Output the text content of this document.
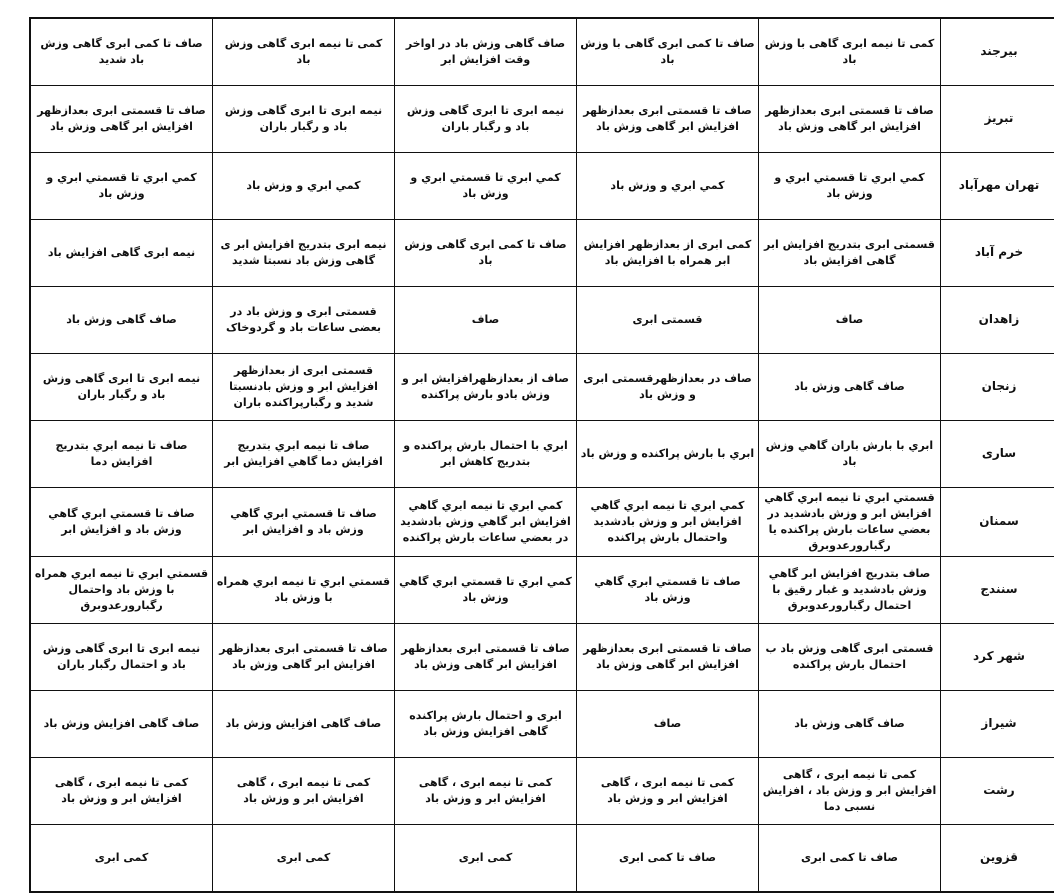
بیرجند	کمی تا نیمه ابری گاهی با وزش باد	صاف تا کمی ابری گاهی با وزش باد	صاف گاهی وزش باد در اواخر وقت افزایش ابر	کمی تا نیمه ابری گاهی وزش باد	صاف تا کمی ابری گاهی وزش باد شدید
تبریز	صاف تا قسمتی ابری بعدازظهر افزایش ابر گاهی وزش باد	صاف تا قسمتی ابری بعدازظهر افزایش ابر گاهی وزش باد	نیمه ابری تا ابری گاهی وزش باد و رگبار باران	نیمه ابری تا ابری گاهی وزش باد و رگبار باران	صاف تا قسمتی ابری بعدازظهر افزایش ابر گاهی وزش باد
تهران مهرآباد	کمي ابري تا قسمتي ابري و وزش باد	کمي ابري و وزش باد	کمي ابري تا قسمتي ابري و وزش باد	کمي ابري و وزش باد	کمي ابري تا قسمتي ابري و وزش باد
خرم آباد	قسمتی ابری بتدریج افزایش ابر گاهی افزایش باد	کمی ابری از بعدازظهر افزایش ابر همراه با افزایش باد	صاف تا کمی ابری گاهی وزش باد	نیمه ابری بتدریج افزایش ابر ی گاهی وزش باد نسبتا شدید	نیمه ابری گاهی افزایش باد
زاهدان	صاف	قسمتی ابری	صاف	قسمتی ابری و وزش باد در بعضی ساعات باد و گردوخاک	صاف گاهی وزش باد
زنجان	صاف گاهی وزش باد	صاف در بعدازظهرقسمتی ابری و وزش باد	صاف از بعدازظهرافزایش ابر و وزش بادو بارش پراکنده	قسمتی ابری از بعدازظهر افزایش ابر و وزش بادنسبتا شدید و رگبارپراکنده باران	نیمه ابری تا ابری گاهی وزش باد و رگبار باران
ساری	ابري با بارش باران گاهي وزش باد	ابري با بارش پراكنده و وزش باد	ابري با احتمال بارش پراكنده و بتدريج كاهش ابر	صاف تا نيمه ابري بتدريج افزايش دما گاهي افزايش ابر	صاف تا نيمه ابري بتدريج افزايش دما
سمنان	قسمتي ابري تا نيمه ابري گاهي افزايش ابر و وزش بادشديد در بعضي ساعات بارش پراكنده يا رگبارورعدوبرق	كمي ابري تا نيمه ابري گاهي افزايش ابر و وزش بادشديد واحتمال بارش پراكنده	كمي ابري تا نيمه ابري گاهي افزايش ابر گاهي وزش بادشديد در بعضي ساعات بارش پراكنده	صاف تا قسمتي ابري گاهي وزش باد و افزايش ابر	صاف تا قسمتي ابري گاهي وزش باد و افزايش ابر
سنندج	صاف بتدريج افزايش ابر گاهي وزش بادشديد و غبار رقيق با احتمال رگبارورعدوبرق	صاف تا قسمتي ابري گاهي وزش باد	كمي ابري تا قسمتي ابري گاهي وزش باد	قسمتي ابري تا نيمه ابري همراه با وزش باد	قسمتي ابري تا نيمه ابري همراه با وزش باد واحتمال رگبارورعدوبرق
شهر کرد	قسمتی ابری گاهی وزش باد ب احتمال بارش پراکنده	صاف تا قسمتی ابری بعدازظهر افزایش ابر گاهی وزش باد	صاف تا قسمتی ابری بعدازظهر افزایش ابر گاهی وزش باد	صاف تا قسمتی ابری بعدازظهر افزایش ابر گاهی وزش باد	نیمه ابری تا ابری گاهی وزش باد و احتمال رگبار باران
شیراز	صاف گاهی وزش باد	صاف	ابری و احتمال بارش پراکنده گاهی افزایش وزش باد	صاف گاهی افزایش وزش باد	صاف گاهی افزایش وزش باد
رشت	کمی تا نیمه ابری ، گاهی افزایش ابر و وزش باد ، افزایش نسبی دما	کمی تا نیمه ابری ، گاهی افزایش ابر و وزش باد	کمی تا نیمه ابری ، گاهی افزایش ابر و وزش باد	کمی تا نیمه ابری ، گاهی افزایش ابر و وزش باد	کمی تا نیمه ابری ، گاهی افزایش ابر و وزش باد
قزوین	صاف تا کمی ابری	صاف تا کمی ابری	کمی ابری	کمی ابری	کمی ابری
